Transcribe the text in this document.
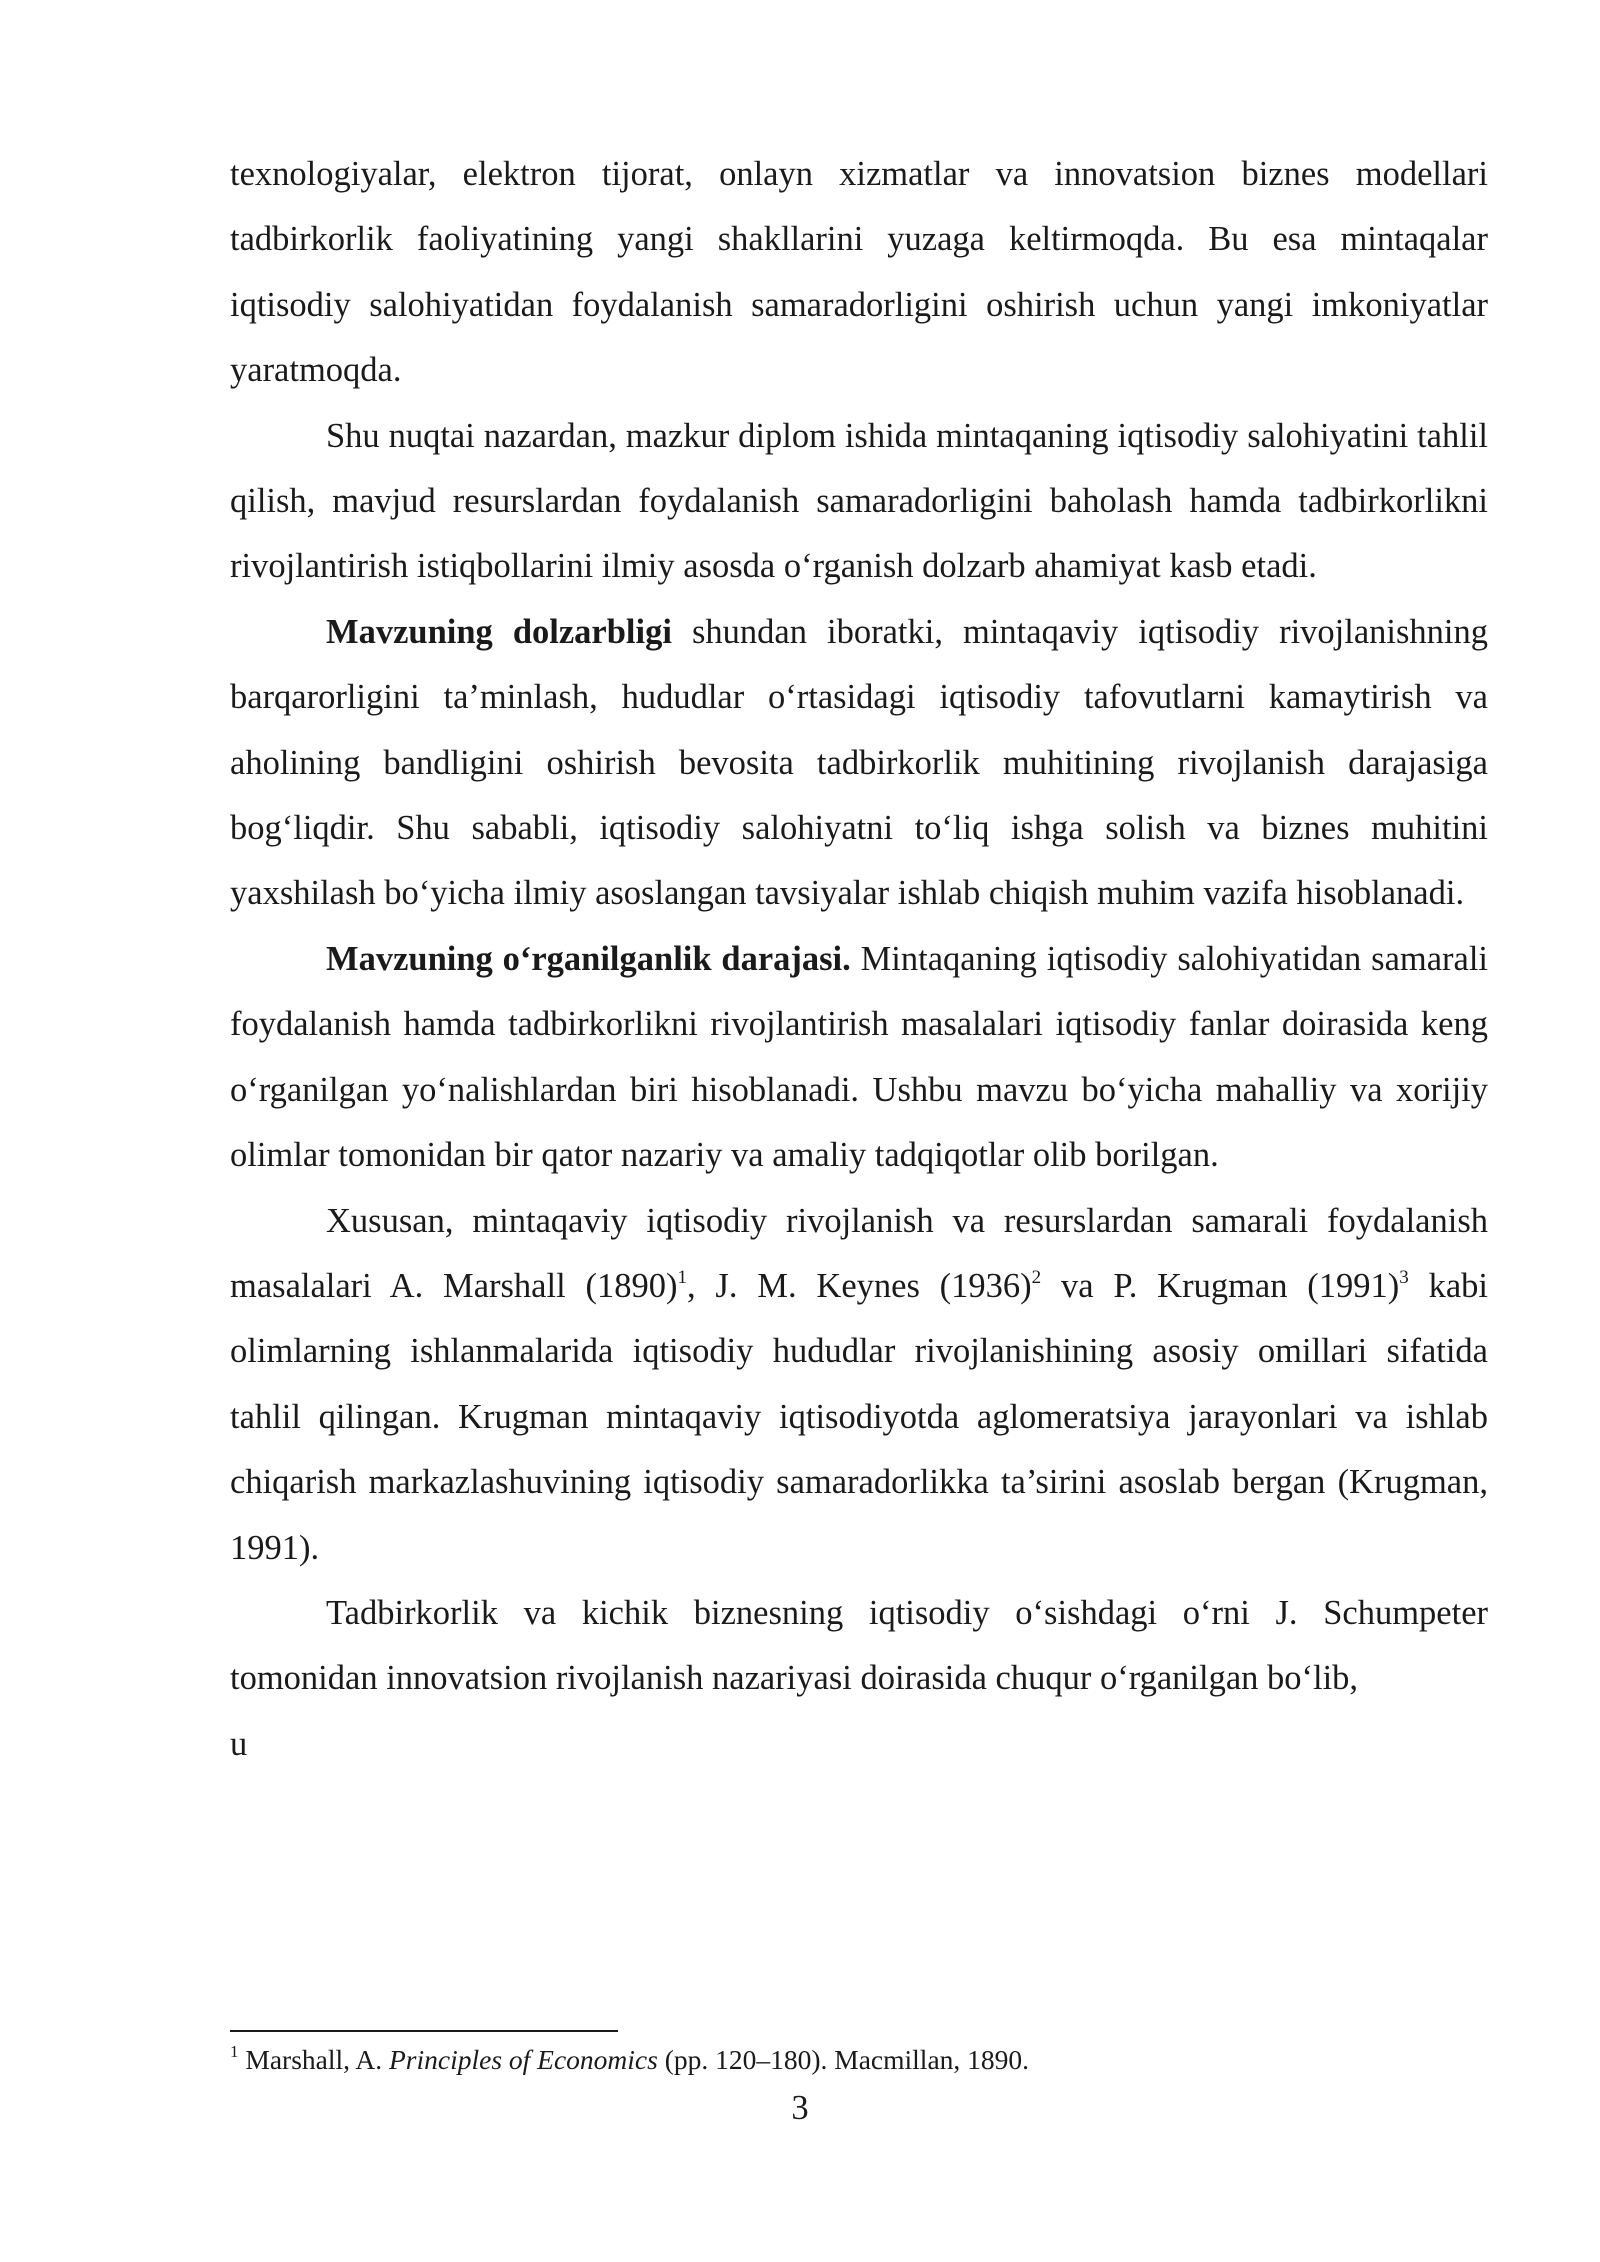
texnologiyalar, elektron tijorat, onlayn xizmatlar va innovatsion biznes modellari tadbirkorlik faoliyatining yangi shakllarini yuzaga keltirmoqda. Bu esa mintaqalar iqtisodiy salohiyatidan foydalanish samaradorligini oshirish uchun yangi imkoniyatlar yaratmoqda.

Shu nuqtai nazardan, mazkur diplom ishida mintaqaning iqtisodiy salohiyatini tahlil qilish, mavjud resurslardan foydalanish samaradorligini baholash hamda tadbirkorlikni rivojlantirish istiqbollarini ilmiy asosda o‘rganish dolzarb ahamiyat kasb etadi.

Mavzuning dolzarbligi shundan iboratki, mintaqaviy iqtisodiy rivojlanishning barqarorligini ta’minlash, hududlar o‘rtasidagi iqtisodiy tafovutlarni kamaytirish va aholining bandligini oshirish bevosita tadbirkorlik muhitining rivojlanish darajasiga bog‘liqdir. Shu sababli, iqtisodiy salohiyatni to‘liq ishga solish va biznes muhitini yaxshilash bo‘yicha ilmiy asoslangan tavsiyalar ishlab chiqish muhim vazifa hisoblanadi.

Mavzuning o‘rganilganlik darajasi. Mintaqaning iqtisodiy salohiyatidan samarali foydalanish hamda tadbirkorlikni rivojlantirish masalalari iqtisodiy fanlar doirasida keng o‘rganilgan yo‘nalishlardan biri hisoblanadi. Ushbu mavzu bo‘yicha mahalliy va xorijiy olimlar tomonidan bir qator nazariy va amaliy tadqiqotlar olib borilgan.

Xususan, mintaqaviy iqtisodiy rivojlanish va resurslardan samarali foydalanish masalalari A. Marshall $(1890)^1$, J. M. Keynes $(1936)^2$ va P. Krugman $(1991)^3$ kabi olimlarning ishlanmalarida iqtisodiy hududlar rivojlanishining asosiy omillari sifatida tahlil qilingan. Krugman mintaqaviy iqtisodiyotda aglomeratsiya jarayonlari va ishlab chiqarish markazlashuvining iqtisodiy samaradorlikka ta’sirini asoslab bergan (Krugman, 1991).

Tadbirkorlik va kichik biznesning iqtisodiy o‘sishdagi o‘rni J. Schumpeter tomonidan innovatsion rivojlanish nazariyasi doirasida chuqur o‘rganilgan bo‘lib,
u

$^1$ Marshall, A. Principles of Economics (pp. 120–180). Macmillan, 1890.
3
